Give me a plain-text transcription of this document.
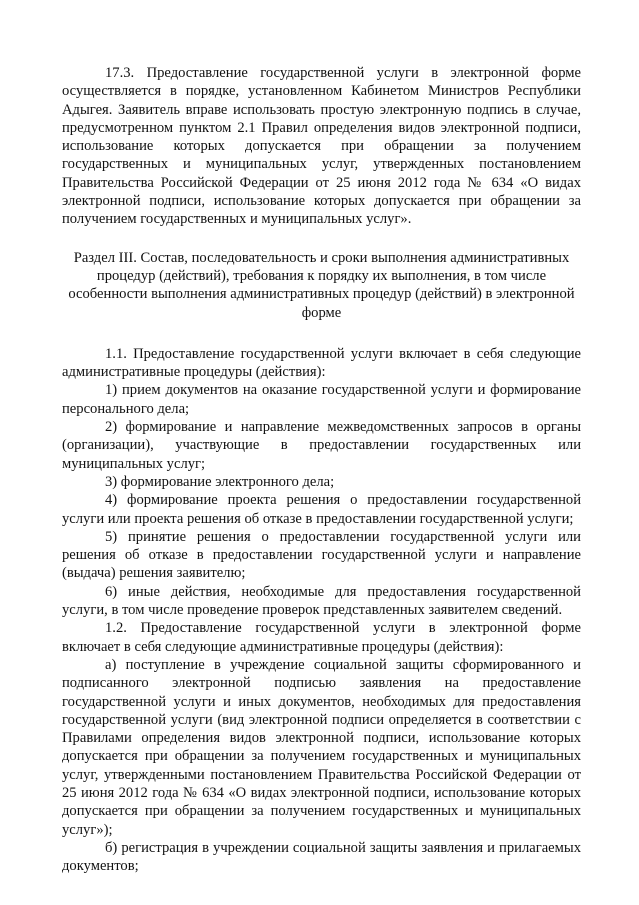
17.3. Предоставление государственной услуги в электронной форме осуществляется в порядке, установленном Кабинетом Министров Республики Адыгея. Заявитель вправе использовать простую электронную подпись в случае, предусмотренном пунктом 2.1 Правил определения видов электронной подписи, использование которых допускается при обращении за получением государственных и муниципальных услуг, утвержденных постановлением Правительства Российской Федерации от 25 июня 2012 года № 634 «О видах электронной подписи, использование которых допускается при обращении за получением государственных и муниципальных услуг».

Раздел III. Состав, последовательность и сроки выполнения административных процедур (действий), требования к порядку их выполнения, в том числе особенности выполнения административных процедур (действий) в электронной форме

1.1. Предоставление государственной услуги включает в себя следующие административные процедуры (действия):

1) прием документов на оказание государственной услуги и формирование персонального дела;

2) формирование и направление межведомственных запросов в органы (организации), участвующие в предоставлении государственных или муниципальных услуг;

3) формирование электронного дела;

4) формирование проекта решения о предоставлении государственной услуги или проекта решения об отказе в предоставлении государственной услуги;

5) принятие решения о предоставлении государственной услуги или решения об отказе в предоставлении государственной услуги и направление (выдача) решения заявителю;

6) иные действия, необходимые для предоставления государственной услуги, в том числе проведение проверок представленных заявителем сведений.

1.2. Предоставление государственной услуги в электронной форме включает в себя следующие административные процедуры (действия):

а) поступление в учреждение социальной защиты сформированного и подписанного электронной подписью заявления на предоставление государственной услуги и иных документов, необходимых для предоставления государственной услуги (вид электронной подписи определяется в соответствии с Правилами определения видов электронной подписи, использование которых допускается при обращении за получением государственных и муниципальных услуг, утвержденными постановлением Правительства Российской Федерации от 25 июня 2012 года № 634 «О видах электронной подписи, использование которых допускается при обращении за получением государственных и муниципальных услуг»);

б) регистрация в учреждении социальной защиты заявления и прилагаемых документов;
